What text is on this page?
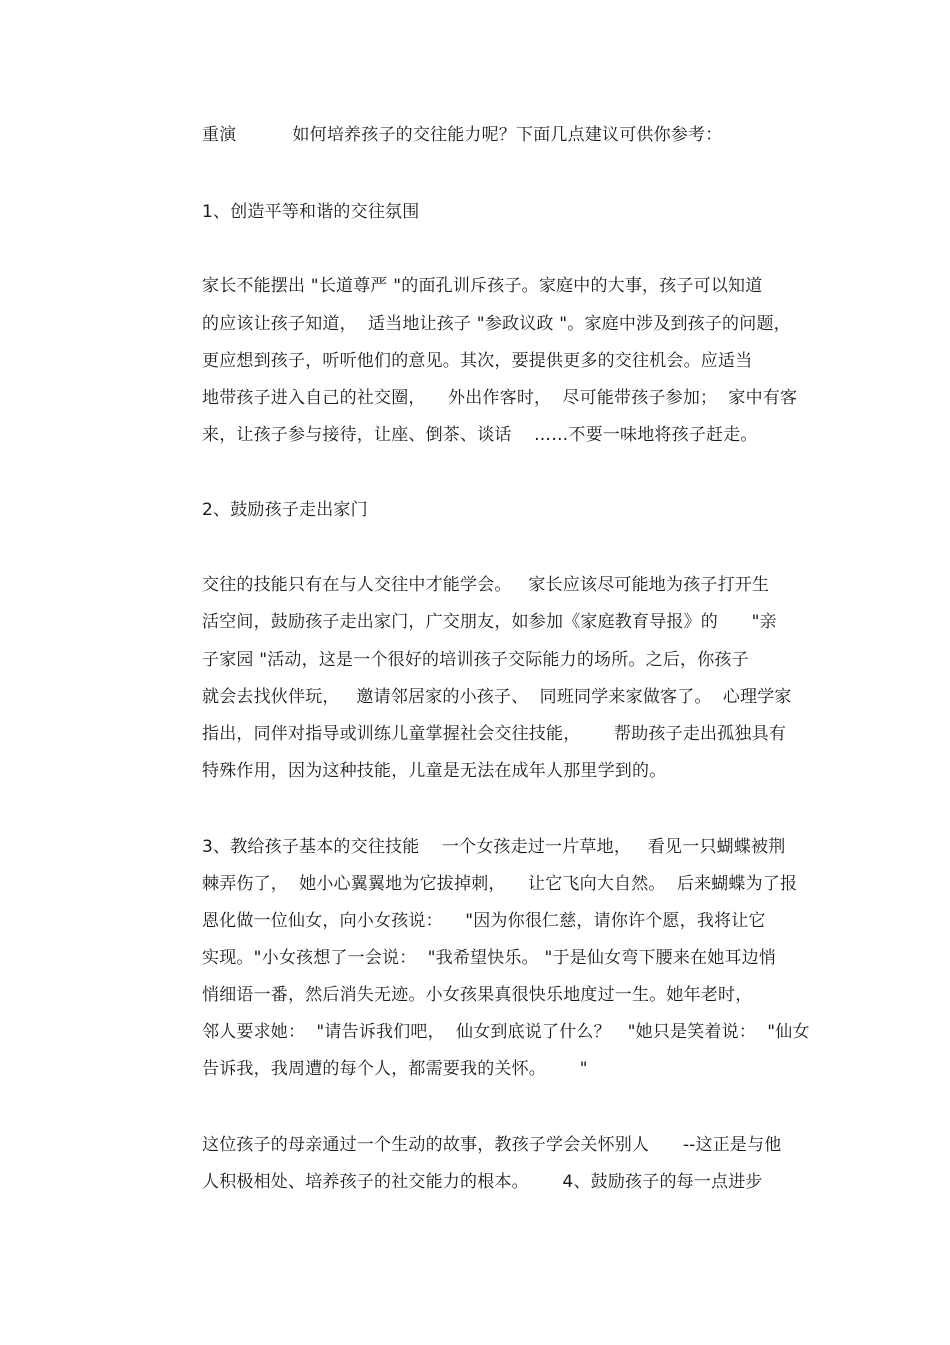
重演          如何培养孩子的交往能力呢？下面几点建议可供你参考：
1、创造平等和谐的交往氛围
家长不能摆出 "长道尊严 "的面孔训斥孩子。家庭中的大事，孩子可以知道
的应该让孩子知道，  适当地让孩子 "参政议政 "。家庭中涉及到孩子的问题，
更应想到孩子，听听他们的意见。其次，要提供更多的交往机会。应适当
地带孩子进入自己的社交圈，    外出作客时，  尽可能带孩子参加；  家中有客
来，让孩子参与接待，让座、倒茶、谈话    ……不要一味地将孩子赶走。
2、鼓励孩子走出家门
交往的技能只有在与人交往中才能学会。   家长应该尽可能地为孩子打开生
活空间，鼓励孩子走出家门，广交朋友，如参加《家庭教育导报》的      "亲
子家园 "活动，这是一个很好的培训孩子交际能力的场所。之后，你孩子
就会去找伙伴玩，   邀请邻居家的小孩子、  同班同学来家做客了。  心理学家
指出，同伴对指导或训练儿童掌握社会交往技能，      帮助孩子走出孤独具有
特殊作用，因为这种技能，儿童是无法在成年人那里学到的。
3、教给孩子基本的交往技能    一个女孩走过一片草地，   看见一只蝴蝶被荆
棘弄伤了，  她小心翼翼地为它拔掉刺，    让它飞向大自然。  后来蝴蝶为了报
恩化做一位仙女，向小女孩说：    "因为你很仁慈，请你许个愿，我将让它
实现。"小女孩想了一会说：  "我希望快乐。 "于是仙女弯下腰来在她耳边悄
悄细语一番，然后消失无迹。小女孩果真很快乐地度过一生。她年老时，
邻人要求她：  "请告诉我们吧，  仙女到底说了什么？   "她只是笑着说：  "仙女
告诉我，我周遭的每个人，都需要我的关怀。      "
这位孩子的母亲通过一个生动的故事，教孩子学会关怀别人      --这正是与他
人积极相处、培养孩子的社交能力的根本。      4、鼓励孩子的每一点进步
